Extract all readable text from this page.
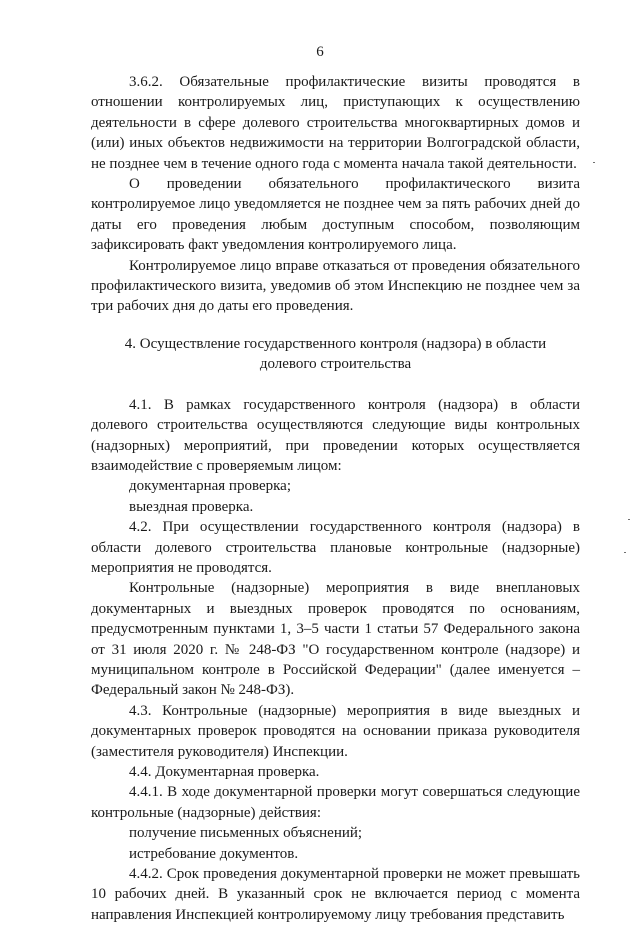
6

3.6.2. Обязательные профилактические визиты проводятся в отношении контролируемых лиц, приступающих к осуществлению деятельности в сфере долевого строительства многоквартирных домов и (или) иных объектов недвижимости на территории Волгоградской области, не позднее чем в течение одного года с момента начала такой деятельности.

О проведении обязательного профилактического визита контролируемое лицо уведомляется не позднее чем за пять рабочих дней до даты его проведения любым доступным способом, позволяющим зафиксировать факт уведомления контролируемого лица.

Контролируемое лицо вправе отказаться от проведения обязательного профилактического визита, уведомив об этом Инспекцию не позднее чем за три рабочих дня до даты его проведения.

4. Осуществление государственного контроля (надзора) в области
долевого строительства

4.1. В рамках государственного контроля (надзора) в области долевого строительства осуществляются следующие виды контрольных (надзорных) мероприятий, при проведении которых осуществляется взаимодействие с проверяемым лицом:

документарная проверка;

выездная проверка.

4.2. При осуществлении государственного контроля (надзора) в области долевого строительства плановые контрольные (надзорные) мероприятия не проводятся.

Контрольные (надзорные) мероприятия в виде внеплановых документарных и выездных проверок проводятся по основаниям, предусмотренным пунктами 1, 3–5 части 1 статьи 57 Федерального закона от 31 июля 2020 г. № 248-ФЗ "О государственном контроле (надзоре) и муниципальном контроле в Российской Федерации" (далее именуется – Федеральный закон № 248-ФЗ).

4.3. Контрольные (надзорные) мероприятия в виде выездных и документарных проверок проводятся на основании приказа руководителя (заместителя руководителя) Инспекции.

4.4. Документарная проверка.

4.4.1. В ходе документарной проверки могут совершаться следующие контрольные (надзорные) действия:

получение письменных объяснений;

истребование документов.

4.4.2. Срок проведения документарной проверки не может превышать 10 рабочих дней. В указанный срок не включается период с момента направления Инспекцией контролируемому лицу требования представить
